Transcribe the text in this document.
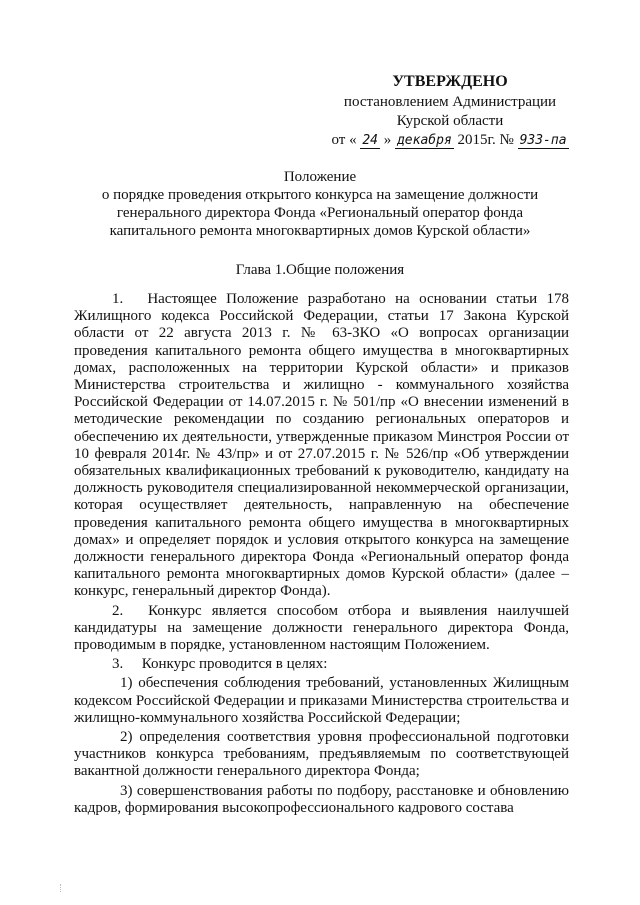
УТВЕРЖДЕНО
постановлением Администрации
Курской области
от « 24 » декабря 2015г. № 933-па
Положение
о порядке проведения открытого конкурса на замещение должности
генерального директора Фонда «Региональный оператор фонда
капитального ремонта многоквартирных домов Курской области»
Глава 1.Общие положения

1. Настоящее Положение разработано на основании статьи 178 Жилищного кодекса Российской Федерации, статьи 17 Закона Курской области от 22 августа 2013 г. № 63-ЗКО «О вопросах организации проведения капитального ремонта общего имущества в многоквартирных домах, расположенных на территории Курской области» и приказов Министерства строительства и жилищно - коммунального хозяйства Российской Федерации от 14.07.2015 г. № 501/пр «О внесении изменений в методические рекомендации по созданию региональных операторов и обеспечению их деятельности, утвержденные приказом Минстроя России от 10 февраля 2014г. № 43/пр» и от 27.07.2015 г. № 526/пр «Об утверждении обязательных квалификационных требований к руководителю, кандидату на должность руководителя специализированной некоммерческой организации, которая осуществляет деятельность, направленную на обеспечение проведения капитального ремонта общего имущества в многоквартирных домах» и определяет порядок и условия открытого конкурса на замещение должности генерального директора Фонда «Региональный оператор фонда капитального ремонта многоквартирных домов Курской области» (далее – конкурс, генеральный директор Фонда).

2. Конкурс является способом отбора и выявления наилучшей кандидатуры на замещение должности генерального директора Фонда, проводимым в порядке, установленном настоящим Положением.

3. Конкурс проводится в целях:

1) обеспечения соблюдения требований, установленных Жилищным кодексом Российской Федерации и приказами Министерства строительства и жилищно-коммунального хозяйства Российской Федерации;

2) определения соответствия уровня профессиональной подготовки участников конкурса требованиям, предъявляемым по соответствующей вакантной должности генерального директора Фонда;

3) совершенствования работы по подбору, расстановке и обновлению кадров, формирования высокопрофессионального кадрового состава
